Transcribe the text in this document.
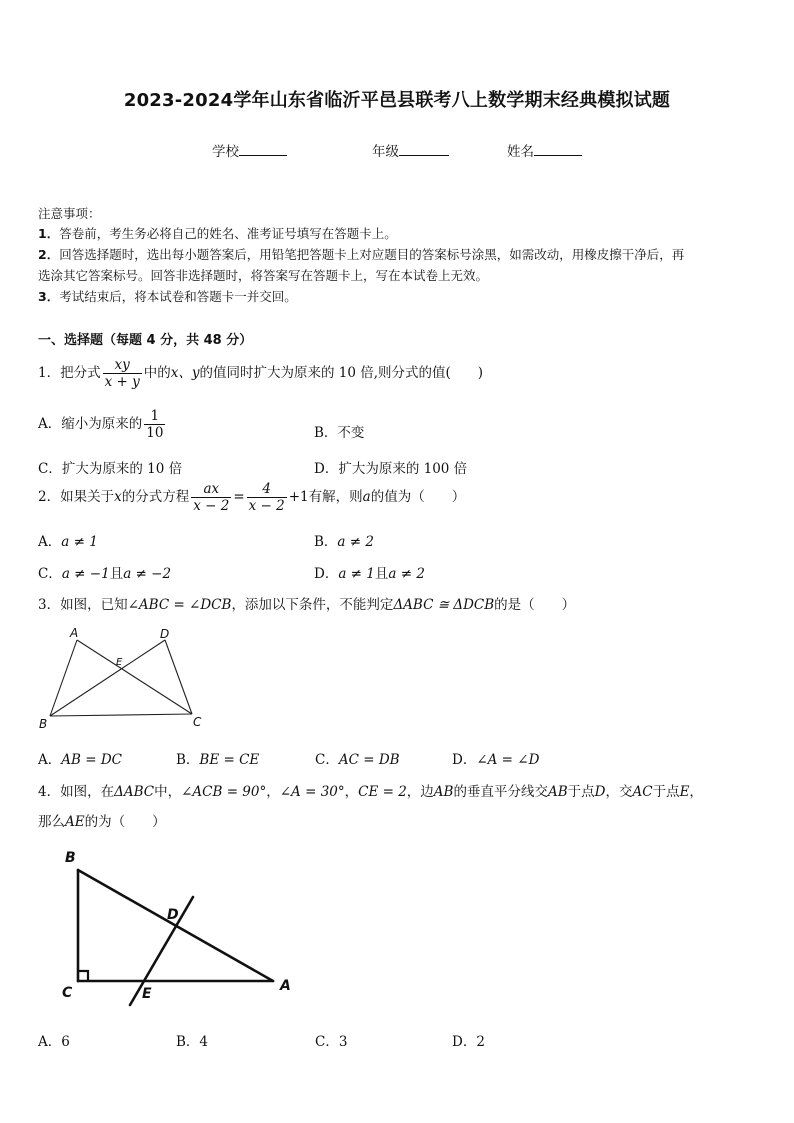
2023-2024学年山东省临沂平邑县联考八上数学期末经典模拟试题
学校	年级	姓名
注意事项：
1．答卷前，考生务必将自己的姓名、准考证号填写在答题卡上。
2．回答选择题时，选出每小题答案后，用铅笔把答题卡上对应题目的答案标号涂黑，如需改动，用橡皮擦干净后，再
选涂其它答案标号。回答非选择题时，将答案写在答题卡上，写在本试卷上无效。
3．考试结束后，将本试卷和答题卡一并交回。
一、选择题（每题 4 分，共 48 分）
1．把分式 $\frac{xy}{x + y}$ 中的x、y的值同时扩大为原来的 10 倍,则分式的值(　　)
A．缩小为原来的 $\frac{1}{10}$	B．不变
C．扩大为原来的 10 倍	D．扩大为原来的 100 倍
2．如果关于x的分式方程 $\frac{ax}{x - 2} = \frac{4}{x - 2} +1$有解，则a的值为（　　）
A．a ≠ 1	B．a ≠ 2
C．a ≠ −1且a ≠ −2	D．a ≠ 1且a ≠ 2
3．如图，已知∠ABC = ∠DCB，添加以下条件，不能判定ΔABC ≅ ΔDCB的是（　　）
A	D
E
B	C
A．AB = DC	B．BE = CE	C．AC = DB	D．∠A = ∠D
4．如图，在ΔABC中，∠ACB = 90°，∠A = 30°，CE = 2，边AB的垂直平分线交AB于点D，交AC于点E，
那么AE的为（　　）
B
D
C	E	A
A．6	B．4	C．3	D．2
